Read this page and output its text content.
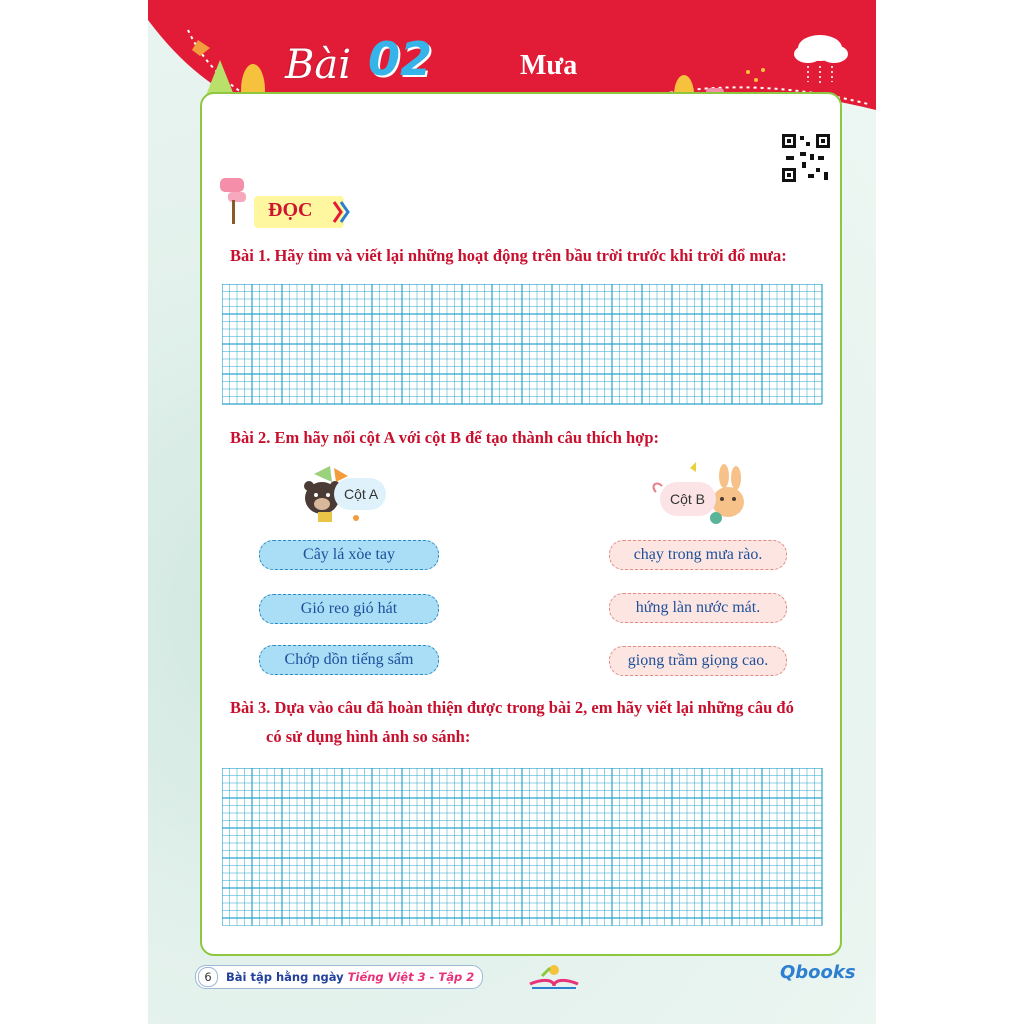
Bài 02	Mưa
ĐỌC
Bài 1. Hãy tìm và viết lại những hoạt động trên bầu trời trước khi trời đổ mưa:
Bài 2. Em hãy nối cột A với cột B để tạo thành câu thích hợp:
Cột A	Cột B
Cây lá xòe tay
Gió reo gió hát
Chớp dồn tiếng sấm
chạy trong mưa rào.
hứng làn nước mát.
giọng trầm giọng cao.
Bài 3. Dựa vào câu đã hoàn thiện được trong bài 2, em hãy viết lại những câu đó
có sử dụng hình ảnh so sánh:
6	Bài tập hằng ngày Tiếng Việt 3 - Tập 2	Qbooks
